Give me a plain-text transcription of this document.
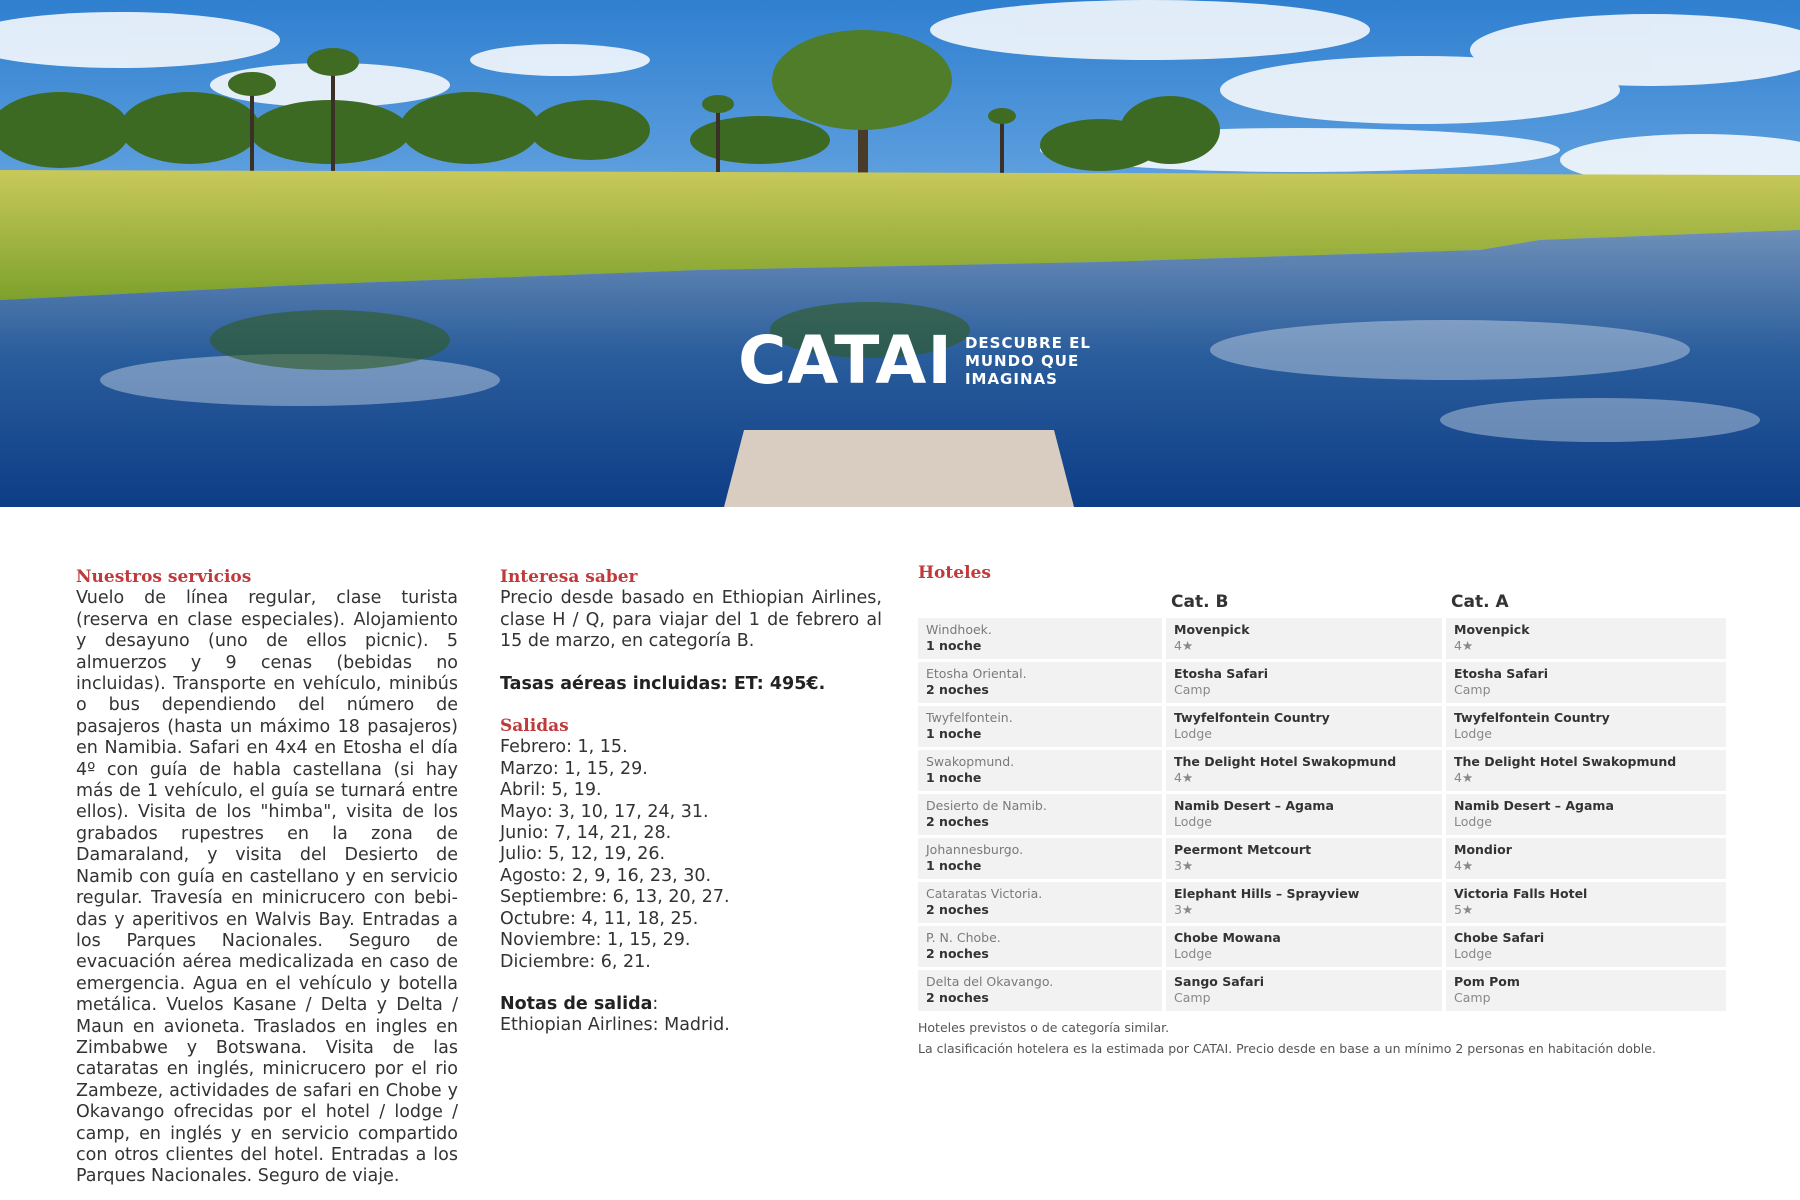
CATAI DESCUBRE EL
MUNDO QUE
IMAGINAS
Nuestros servicios
Vuelo de línea regular, clase turista (reserva en clase especiales). Alojamiento y desayuno (uno de ellos picnic). 5 almuerzos y 9 cenas (bebidas no incluidas). Transporte en vehículo, minibús o bus dependiendo del número de pasajeros (hasta un máximo 18 pasajeros) en Namibia. Safari en 4x4 en Etosha el día 4º con guía de habla castellana (si hay más de 1 vehículo, el guía se turnará entre ellos). Visita de los "himba", visita de los grabados rupestres en la zona de Damaraland, y visita del Desierto de Namib con guía en castellano y en servicio regular. Travesía en minicrucero con bebidas y aperitivos en Walvis Bay. Entradas a los Parques Nacionales. Seguro de evacuación aérea medicalizada en caso de emergencia. Agua en el vehículo y botella metálica. Vuelos Kasane / Delta y Delta / Maun en avioneta. Traslados en ingles en Zimbabwe y Botswana. Visita de las cataratas en inglés, minicrucero por el rio Zambeze, actividades de safari en Chobe y Okavango ofrecidas por el hotel / lodge / camp, en inglés y en servicio compartido con otros clientes del hotel. Entradas a los Parques Nacionales. Seguro de viaje.
Interesa saber
Precio desde basado en Ethiopian Airlines, clase H / Q, para viajar del 1 de febrero al 15 de marzo, en categoría B.
Tasas aéreas incluidas: ET: 495€.
Salidas
Febrero: 1, 15.
Marzo: 1, 15, 29.
Abril: 5, 19.
Mayo: 3, 10, 17, 24, 31.
Junio: 7, 14, 21, 28.
Julio: 5, 12, 19, 26.
Agosto: 2, 9, 16, 23, 30.
Septiembre: 6, 13, 20, 27.
Octubre: 4, 11, 18, 25.
Noviembre: 1, 15, 29.
Diciembre: 6, 21.
Notas de salida:
Ethiopian Airlines: Madrid.
Hoteles
Cat. B	Cat. A
Windhoek.
1 noche
Movenpick
4★
Movenpick
4★
Etosha Oriental.
2 noches
Etosha Safari
Camp
Etosha Safari
Camp
Twyfelfontein.
1 noche
Twyfelfontein Country
Lodge
Twyfelfontein Country
Lodge
Swakopmund.
1 noche
The Delight Hotel Swakopmund
4★
The Delight Hotel Swakopmund
4★
Desierto de Namib.
2 noches
Namib Desert – Agama
Lodge
Namib Desert – Agama
Lodge
Johannesburgo.
1 noche
Peermont Metcourt
3★
Mondior
4★
Cataratas Victoria.
2 noches
Elephant Hills – Sprayview
3★
Victoria Falls Hotel
5★
P. N. Chobe.
2 noches
Chobe Mowana
Lodge
Chobe Safari
Lodge
Delta del Okavango.
2 noches
Sango Safari
Camp
Pom Pom
Camp
Hoteles previstos o de categoría similar.
La clasificación hotelera es la estimada por CATAI. Precio desde en base a un mínimo 2 personas en habitación doble.
